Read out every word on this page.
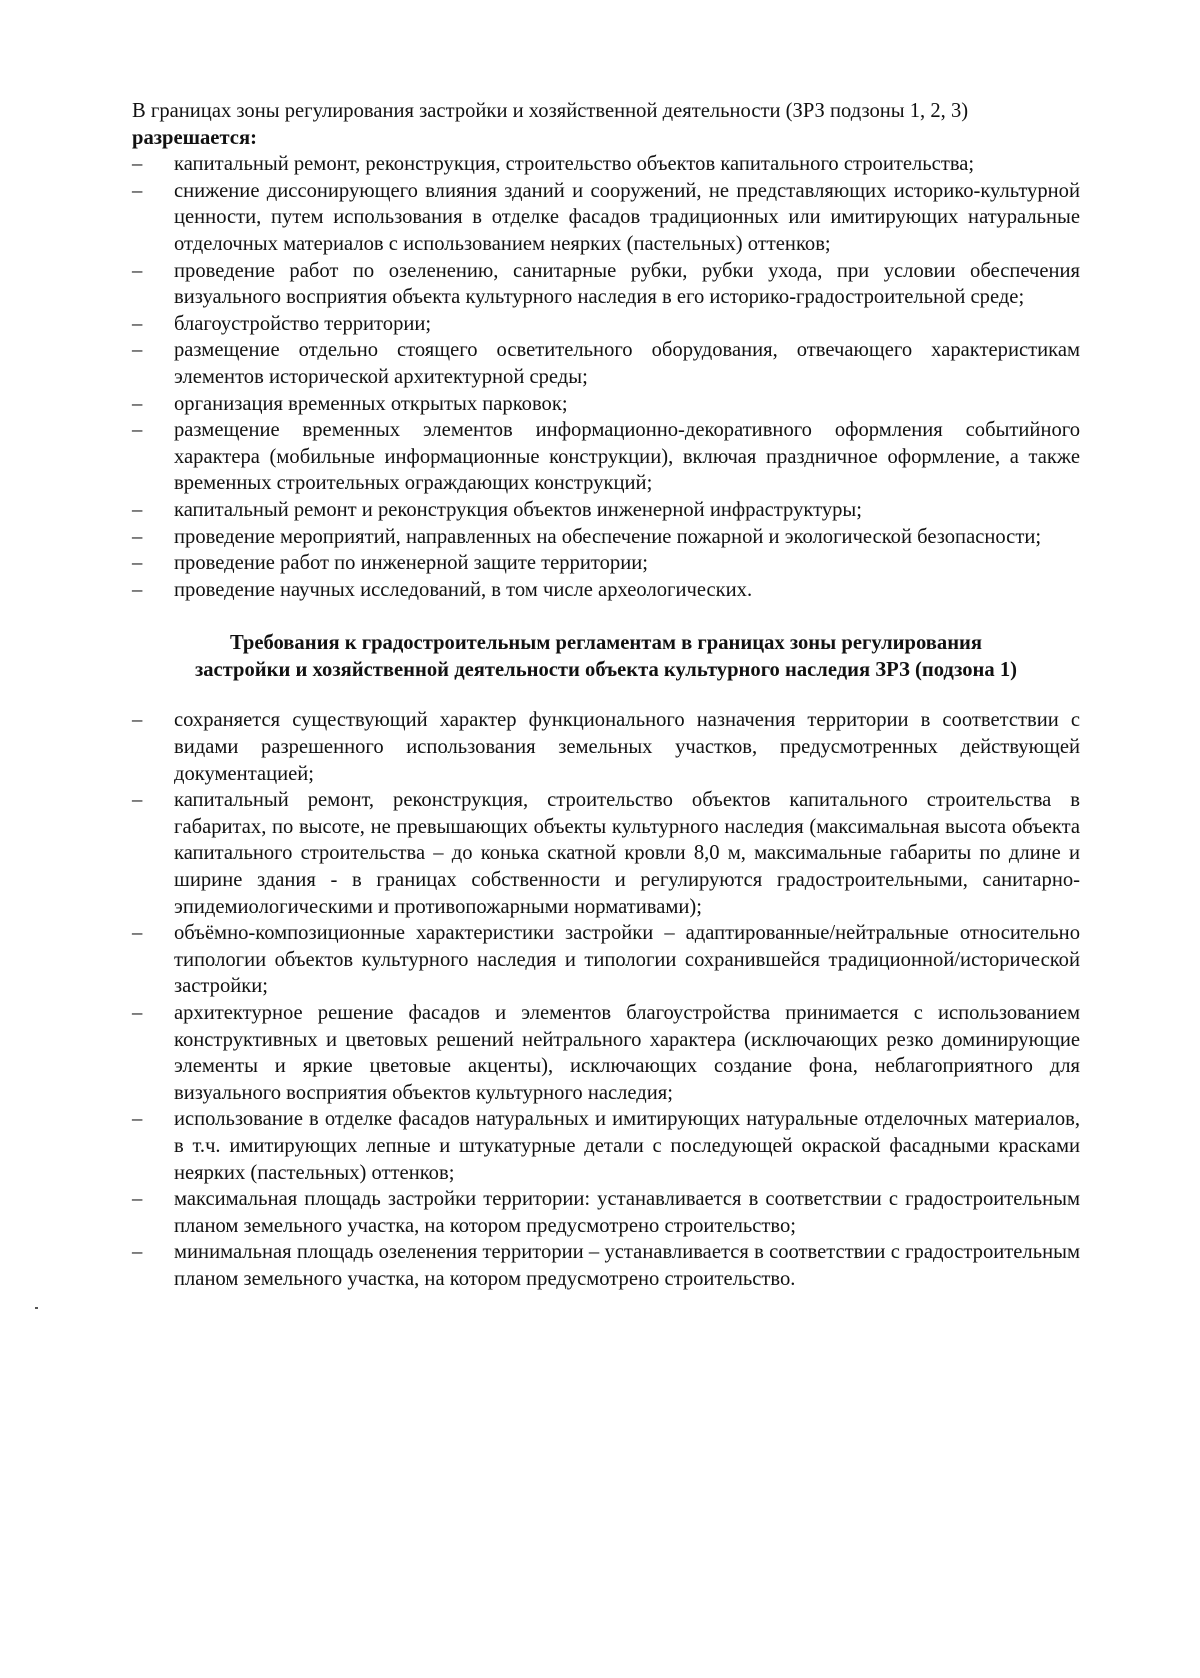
В границах зоны регулирования застройки и хозяйственной деятельности (ЗРЗ подзоны 1, 2, 3)
разрешается:

–	капитальный ремонт, реконструкция, строительство объектов капитального строительства;
–	снижение диссонирующего влияния зданий и сооружений, не представляющих историко-культурной ценности, путем использования в отделке фасадов традиционных или имитирующих натуральные отделочных материалов с использованием неярких (пастельных) оттенков;
–	проведение работ по озеленению, санитарные рубки, рубки ухода, при условии обеспечения визуального восприятия объекта культурного наследия в его историко-градостроительной среде;
–	благоустройство территории;
–	размещение отдельно стоящего осветительного оборудования, отвечающего характеристикам элементов исторической архитектурной среды;
–	организация временных открытых парковок;
–	размещение временных элементов информационно-декоративного оформления событийного характера (мобильные информационные конструкции), включая праздничное оформление, а также временных строительных ограждающих конструкций;
–	капитальный ремонт и реконструкция объектов инженерной инфраструктуры;
–	проведение мероприятий, направленных на обеспечение пожарной и экологической безопасности;
–	проведение работ по инженерной защите территории;
–	проведение научных исследований, в том числе археологических.
Требования к градостроительным регламентам в границах зоны регулирования
застройки и хозяйственной деятельности объекта культурного наследия ЗРЗ (подзона 1)
–	сохраняется существующий характер функционального назначения территории в соответствии с видами разрешенного использования земельных участков, предусмотренных действующей документацией;
–	капитальный ремонт, реконструкция, строительство объектов капитального строительства в габаритах, по высоте, не превышающих объекты культурного наследия (максимальная высота объекта капитального строительства – до конька скатной кровли 8,0 м, максимальные габариты по длине и ширине здания - в границах собственности и регулируются градостроительными, санитарно-эпидемиологическими и противопожарными нормативами);
–	объёмно-композиционные характеристики застройки – адаптированные/нейтральные относительно типологии объектов культурного наследия и типологии сохранившейся традиционной/исторической застройки;
–	архитектурное решение фасадов и элементов благоустройства принимается с использованием конструктивных и цветовых решений нейтрального характера (исключающих резко доминирующие элементы и яркие цветовые акценты), исключающих создание фона, неблагоприятного для визуального восприятия объектов культурного наследия;
–	использование в отделке фасадов натуральных и имитирующих натуральные отделочных материалов, в т.ч. имитирующих лепные и штукатурные детали с последующей окраской фасадными красками неярких (пастельных) оттенков;
–	максимальная площадь застройки территории: устанавливается в соответствии с градостроительным планом земельного участка, на котором предусмотрено строительство;
–	минимальная площадь озеленения территории – устанавливается в соответствии с градостроительным планом земельного участка, на котором предусмотрено строительство.
